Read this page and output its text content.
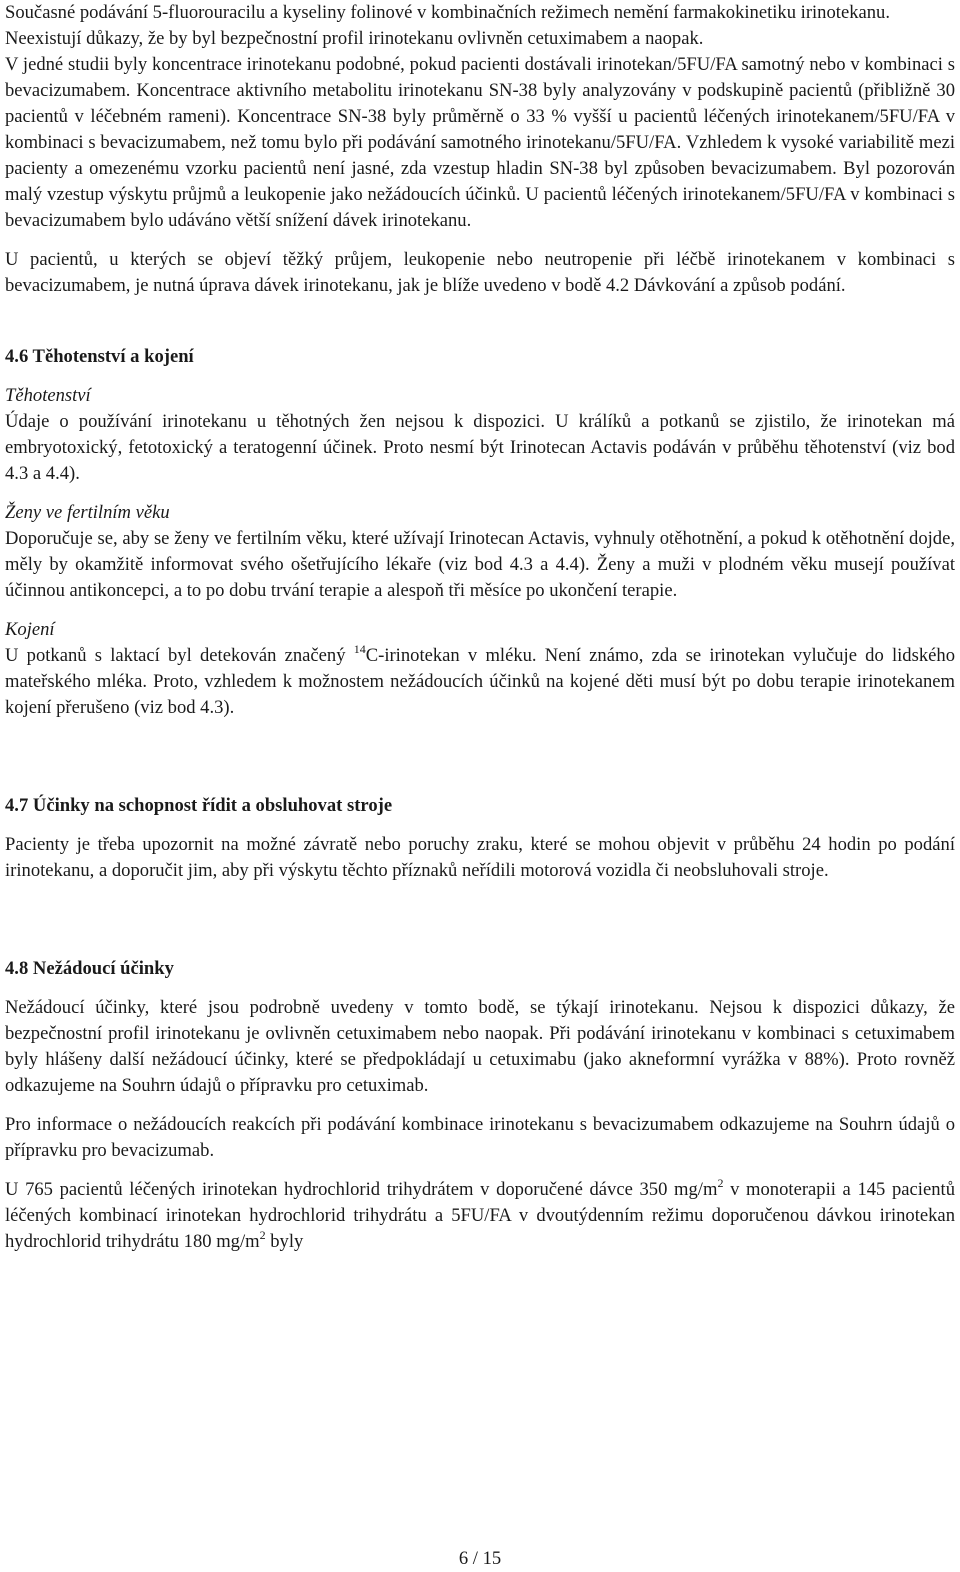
Současné podávání 5-fluorouracilu a kyseliny folinové v kombinačních režimech nemění farmakokinetiku irinotekanu.

Neexistují důkazy, že by byl bezpečnostní profil irinotekanu ovlivněn cetuximabem a naopak.

V jedné studii byly koncentrace irinotekanu podobné, pokud pacienti dostávali irinotekan/5FU/FA samotný nebo v kombinaci s bevacizumabem. Koncentrace aktivního metabolitu irinotekanu SN-38 byly analyzovány v podskupině pacientů (přibližně 30 pacientů v léčebném rameni). Koncentrace SN-38 byly průměrně o 33 % vyšší u pacientů léčených irinotekanem/5FU/FA v kombinaci s bevacizumabem, než tomu bylo při podávání samotného irinotekanu/5FU/FA. Vzhledem k vysoké variabilitě mezi pacienty a omezenému vzorku pacientů není jasné, zda vzestup hladin SN-38 byl způsoben bevacizumabem. Byl pozorován malý vzestup výskytu průjmů a leukopenie jako nežádoucích účinků. U pacientů léčených irinotekanem/5FU/FA v kombinaci s bevacizumabem bylo udáváno větší snížení dávek irinotekanu.

U pacientů, u kterých se objeví těžký průjem, leukopenie nebo neutropenie při léčbě irinotekanem v kombinaci s bevacizumabem, je nutná úprava dávek irinotekanu, jak je blíže uvedeno v bodě 4.2 Dávkování a způsob podání.

4.6 Těhotenství a kojení

Těhotenství

Údaje o používání irinotekanu u těhotných žen nejsou k dispozici. U králíků a potkanů se zjistilo, že irinotekan má embryotoxický, fetotoxický a teratogenní účinek. Proto nesmí být Irinotecan Actavis podáván v průběhu těhotenství (viz bod 4.3 a 4.4).

Ženy ve fertilním věku

Doporučuje se, aby se ženy ve fertilním věku, které užívají Irinotecan Actavis, vyhnuly otěhotnění, a pokud k otěhotnění dojde, měly by okamžitě informovat svého ošetřujícího lékaře (viz bod 4.3 a 4.4). Ženy a muži v plodném věku musejí používat účinnou antikoncepci, a to po dobu trvání terapie a alespoň tři měsíce po ukončení terapie.

Kojení

U potkanů s laktací byl detekován značený $^{14}$C-irinotekan v mléku. Není známo, zda se irinotekan vylučuje do lidského mateřského mléka. Proto, vzhledem k možnostem nežádoucích účinků na kojené děti musí být po dobu terapie irinotekanem kojení přerušeno (viz bod 4.3).

4.7 Účinky na schopnost řídit a obsluhovat stroje

Pacienty je třeba upozornit na možné závratě nebo poruchy zraku, které se mohou objevit v průběhu 24 hodin po podání irinotekanu, a doporučit jim, aby při výskytu těchto příznaků neřídili motorová vozidla či neobsluhovali stroje.

4.8 Nežádoucí účinky

Nežádoucí účinky, které jsou podrobně uvedeny v tomto bodě, se týkají irinotekanu. Nejsou k dispozici důkazy, že bezpečnostní profil irinotekanu je ovlivněn cetuximabem nebo naopak. Při podávání irinotekanu v kombinaci s cetuximabem byly hlášeny další nežádoucí účinky, které se předpokládají u cetuximabu (jako akneformní vyrážka v 88%). Proto rovněž odkazujeme na Souhrn údajů o přípravku pro cetuximab.

Pro informace o nežádoucích reakcích při podávání kombinace irinotekanu s bevacizumabem odkazujeme na Souhrn údajů o přípravku pro bevacizumab.

U 765 pacientů léčených irinotekan hydrochlorid trihydrátem v doporučené dávce 350 $mg/m^2$ v monoterapii a 145 pacientů léčených kombinací irinotekan hydrochlorid trihydrátu a 5FU/FA v dvoutýdenním režimu doporučenou dávkou irinotekan hydrochlorid trihydrátu 180 $mg/m^2$ byly

6 / 15
